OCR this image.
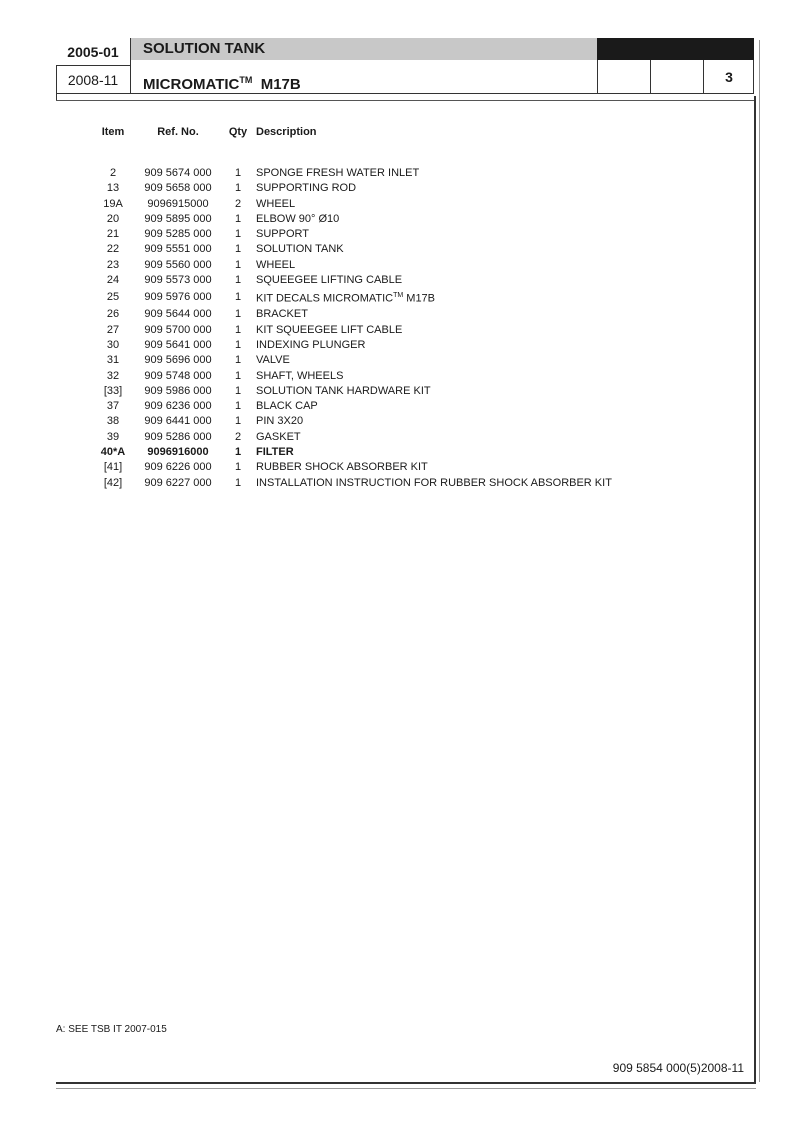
2005-01
2008-11
SOLUTION TANK
MICROMATIC™ M17B	3
Item	Ref. No.	Qty	Description

2	909 5674 000	1	SPONGE FRESH WATER INLET
13	909 5658 000	1	SUPPORTING ROD
19A	9096915000	2	WHEEL
20	909 5895 000	1	ELBOW 90° Ø10
21	909 5285 000	1	SUPPORT
22	909 5551 000	1	SOLUTION TANK
23	909 5560 000	1	WHEEL
24	909 5573 000	1	SQUEEGEE LIFTING CABLE
25	909 5976 000	1	KIT DECALS MICROMATIC™ M17B
26	909 5644 000	1	BRACKET
27	909 5700 000	1	KIT SQUEEGEE LIFT CABLE
30	909 5641 000	1	INDEXING PLUNGER
31	909 5696 000	1	VALVE
32	909 5748 000	1	SHAFT, WHEELS
[33]	909 5986 000	1	SOLUTION TANK HARDWARE KIT
37	909 6236 000	1	BLACK CAP
38	909 6441 000	1	PIN 3X20
39	909 5286 000	2	GASKET
40*A	9096916000	1	FILTER
[41]	909 6226 000	1	RUBBER SHOCK ABSORBER KIT
[42]	909 6227 000	1	INSTALLATION INSTRUCTION FOR RUBBER SHOCK ABSORBER KIT
A: SEE TSB IT 2007-015
909 5854 000(5)2008-11
